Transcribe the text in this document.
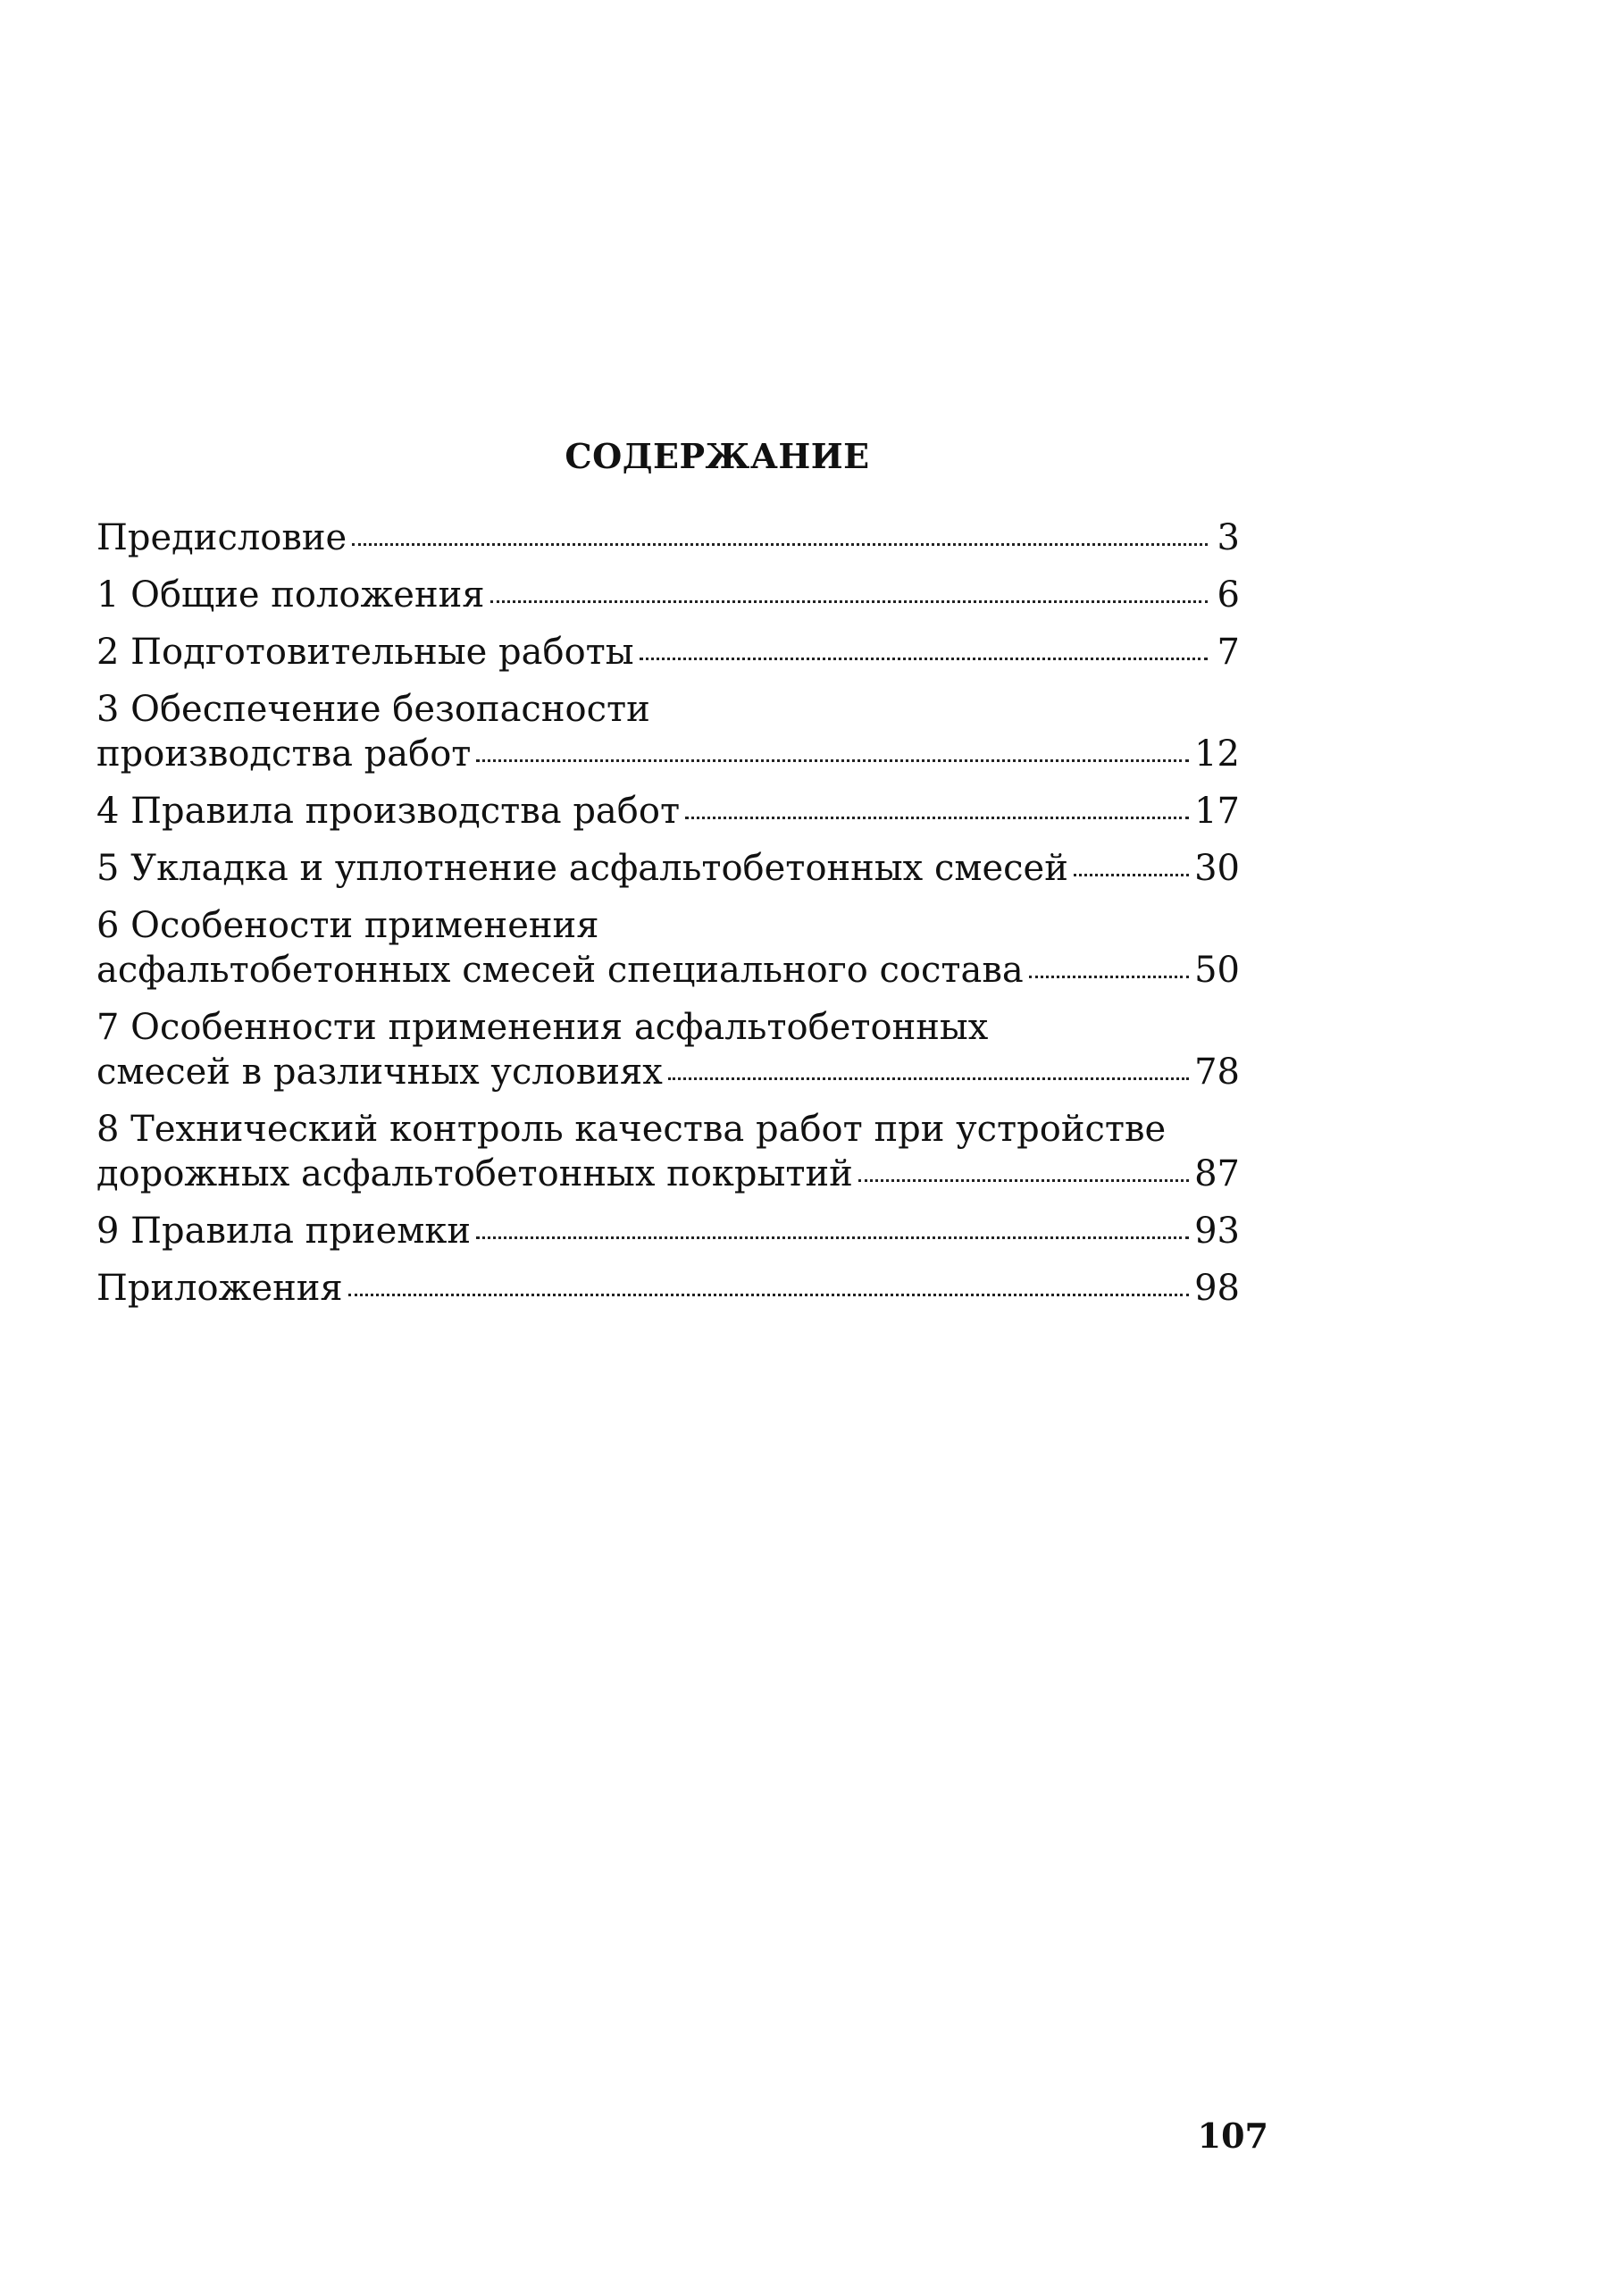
СОДЕРЖАНИЕ
Предисловие	3
1 Общие положения	6
2 Подготовительные работы	7
3 Обеспечение безопасности
производства работ	12
4 Правила производства работ	17
5 Укладка и уплотнение асфальтобетонных смесей	30
6 Особености применения
асфальтобетонных смесей специального состава	50
7 Особенности применения асфальтобетонных
смесей в различных условиях	78
8 Технический контроль качества работ при устройстве
дорожных асфальтобетонных покрытий	87
9 Правила приемки	93
Приложения	98
107
